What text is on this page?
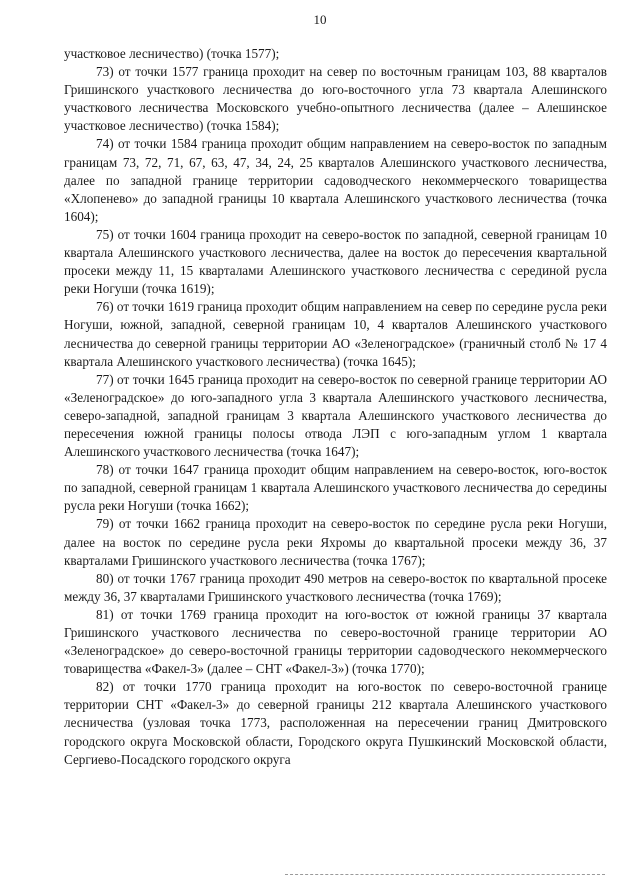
10

участковое лесничество) (точка 1577);

73) от точки 1577 граница проходит на север по восточным границам 103, 88 кварталов Гришинского участкового лесничества до юго-восточного угла 73 квартала Алешинского участкового лесничества Московского учебно-опытного лесничества (далее – Алешинское участковое лесничество) (точка 1584);

74) от точки 1584 граница проходит общим направлением на северо-восток по западным границам 73, 72, 71, 67, 63, 47, 34, 24, 25 кварталов Алешинского участкового лесничества, далее по западной границе территории садоводческого некоммерческого товарищества «Хлопенево» до западной границы 10 квартала Алешинского участкового лесничества (точка 1604);

75) от точки 1604 граница проходит на северо-восток по западной, северной границам 10 квартала Алешинского участкового лесничества, далее на восток до пересечения квартальной просеки между 11, 15 кварталами Алешинского участкового лесничества с серединой русла реки Ногуши (точка 1619);

76) от точки 1619 граница проходит общим направлением на север по середине русла реки Ногуши, южной, западной, северной границам 10, 4 кварталов Алешинского участкового лесничества до северной границы территории АО «Зеленоградское» (граничный столб № 17 4 квартала Алешинского участкового лесничества) (точка 1645);

77) от точки 1645 граница проходит на северо-восток по северной границе территории АО «Зеленоградское» до юго-западного угла 3 квартала Алешинского участкового лесничества, северо-западной, западной границам 3 квартала Алешинского участкового лесничества до пересечения южной границы полосы отвода ЛЭП с юго-западным углом 1 квартала Алешинского участкового лесничества (точка 1647);

78) от точки 1647 граница проходит общим направлением на северо-восток, юго-восток по западной, северной границам 1 квартала Алешинского участкового лесничества до середины русла реки Ногуши (точка 1662);

79) от точки 1662 граница проходит на северо-восток по середине русла реки Ногуши, далее на восток по середине русла реки Яхромы до квартальной просеки между 36, 37 кварталами Гришинского участкового лесничества (точка 1767);

80) от точки 1767 граница проходит 490 метров на северо-восток по квартальной просеке между 36, 37 кварталами Гришинского участкового лесничества (точка 1769);

81) от точки 1769 граница проходит на юго-восток от южной границы 37 квартала Гришинского участкового лесничества по северо-восточной границе территории АО «Зеленоградское» до северо-восточной границы территории садоводческого некоммерческого товарищества «Факел-3» (далее – СНТ «Факел-3») (точка 1770);

82) от точки 1770 граница проходит на юго-восток по северо-восточной границе территории СНТ «Факел-3» до северной границы 212 квартала Алешинского участкового лесничества (узловая точка 1773, расположенная на пересечении границ Дмитровского городского округа Московской области, Городского округа Пушкинский Московской области, Сергиево-Посадского городского округа
